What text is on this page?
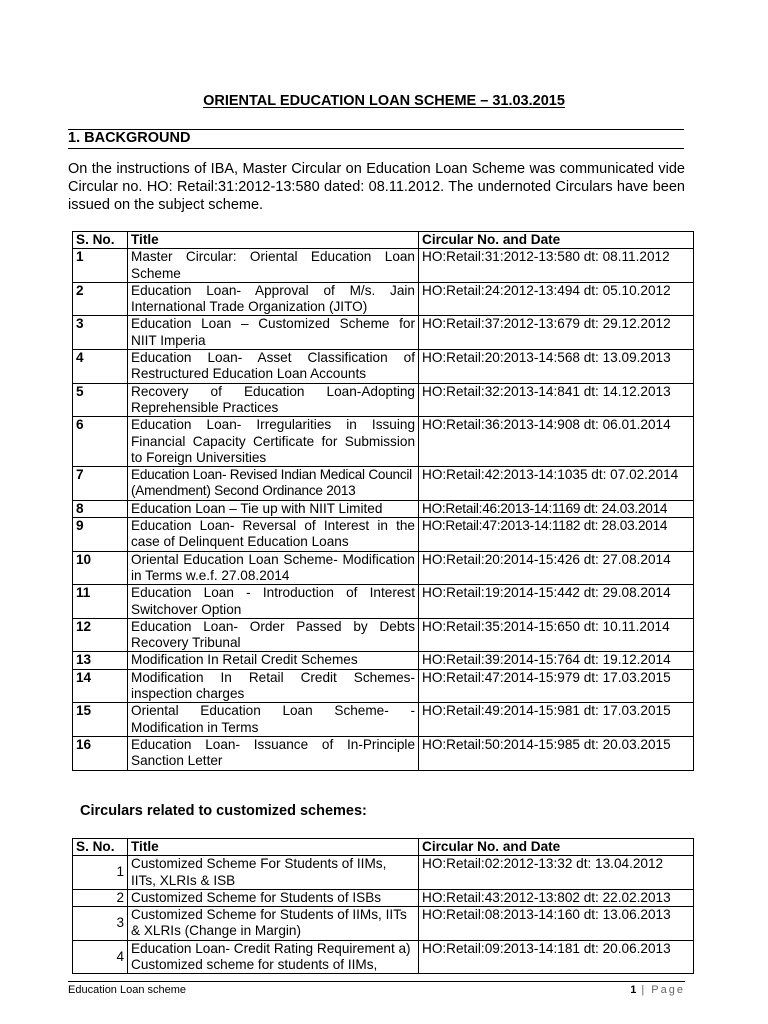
ORIENTAL EDUCATION LOAN SCHEME – 31.03.2015
1. BACKGROUND
On the instructions of IBA, Master Circular on Education Loan Scheme was communicated vide Circular no. HO: Retail:31:2012-13:580 dated: 08.11.2012. The undernoted Circulars have been issued on the subject scheme.
S. No.	Title	Circular No. and Date
1	Master Circular: Oriental Education Loan Scheme	HO:Retail:31:2012-13:580 dt: 08.11.2012
2	Education Loan- Approval of M/s. Jain International Trade Organization (JITO)	HO:Retail:24:2012-13:494 dt: 05.10.2012
3	Education Loan – Customized Scheme for NIIT Imperia	HO:Retail:37:2012-13:679 dt: 29.12.2012
4	Education Loan- Asset Classification of Restructured Education Loan Accounts	HO:Retail:20:2013-14:568 dt: 13.09.2013
5	Recovery of Education Loan-Adopting Reprehensible Practices	HO:Retail:32:2013-14:841 dt: 14.12.2013
6	Education Loan- Irregularities in Issuing Financial Capacity Certificate for Submission to Foreign Universities	HO:Retail:36:2013-14:908 dt: 06.01.2014
7	Education Loan- Revised Indian Medical Council (Amendment) Second Ordinance 2013	HO:Retail:42:2013-14:1035 dt: 07.02.2014
8	Education Loan – Tie up with NIIT Limited	HO:Retail:46:2013-14:1169 dt: 24.03.2014
9	Education Loan- Reversal of Interest in the case of Delinquent Education Loans	HO:Retail:47:2013-14:1182 dt: 28.03.2014
10	Oriental Education Loan Scheme- Modification in Terms w.e.f. 27.08.2014	HO:Retail:20:2014-15:426 dt: 27.08.2014
11	Education Loan - Introduction of Interest Switchover Option	HO:Retail:19:2014-15:442 dt: 29.08.2014
12	Education Loan- Order Passed by Debts Recovery Tribunal	HO:Retail:35:2014-15:650 dt: 10.11.2014
13	Modification In Retail Credit Schemes	HO:Retail:39:2014-15:764 dt: 19.12.2014
14	Modification In Retail Credit Schemes- inspection charges	HO:Retail:47:2014-15:979 dt: 17.03.2015
15	Oriental Education Loan Scheme- - Modification in Terms	HO:Retail:49:2014-15:981 dt: 17.03.2015
16	Education Loan- Issuance of In-Principle Sanction Letter	HO:Retail:50:2014-15:985 dt: 20.03.2015
Circulars related to customized schemes:
S. No.	Title	Circular No. and Date
1	Customized Scheme For Students of IIMs, IITs, XLRIs & ISB	HO:Retail:02:2012-13:32 dt: 13.04.2012
2	Customized Scheme for Students of ISBs	HO:Retail:43:2012-13:802 dt: 22.02.2013
3	Customized Scheme for Students of IIMs, IITs & XLRIs (Change in Margin)	HO:Retail:08:2013-14:160 dt: 13.06.2013
4	Education Loan- Credit Rating Requirement a) Customized scheme for students of IIMs,	HO:Retail:09:2013-14:181 dt: 20.06.2013
Education Loan scheme	1 | Page
